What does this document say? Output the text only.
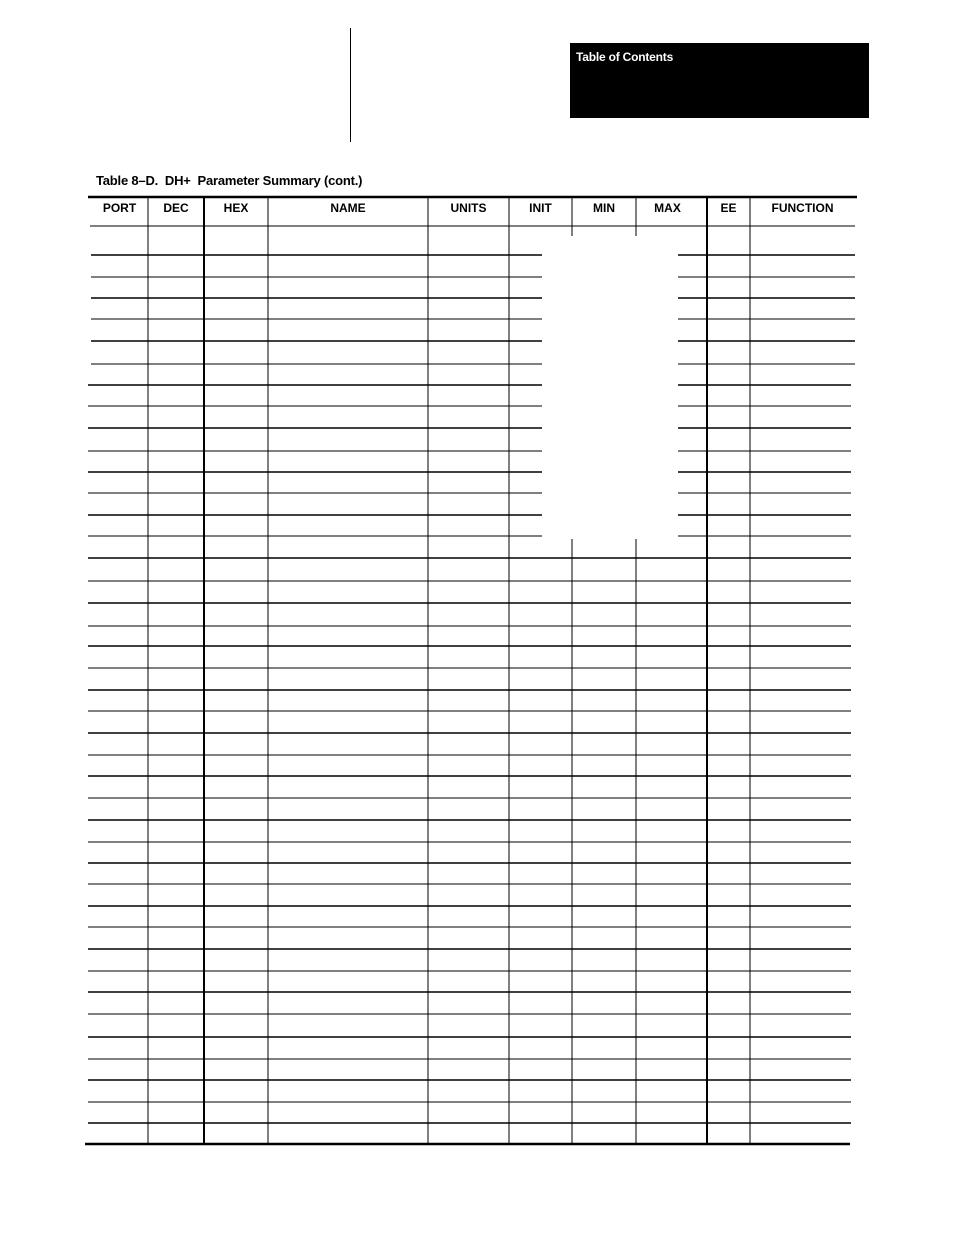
Table of Contents
Table 8–D.  DH+  Parameter Summary (cont.)
PORT	DEC	HEX	NAME	UNITS	INIT	MIN	MAX	EE	FUNCTION
